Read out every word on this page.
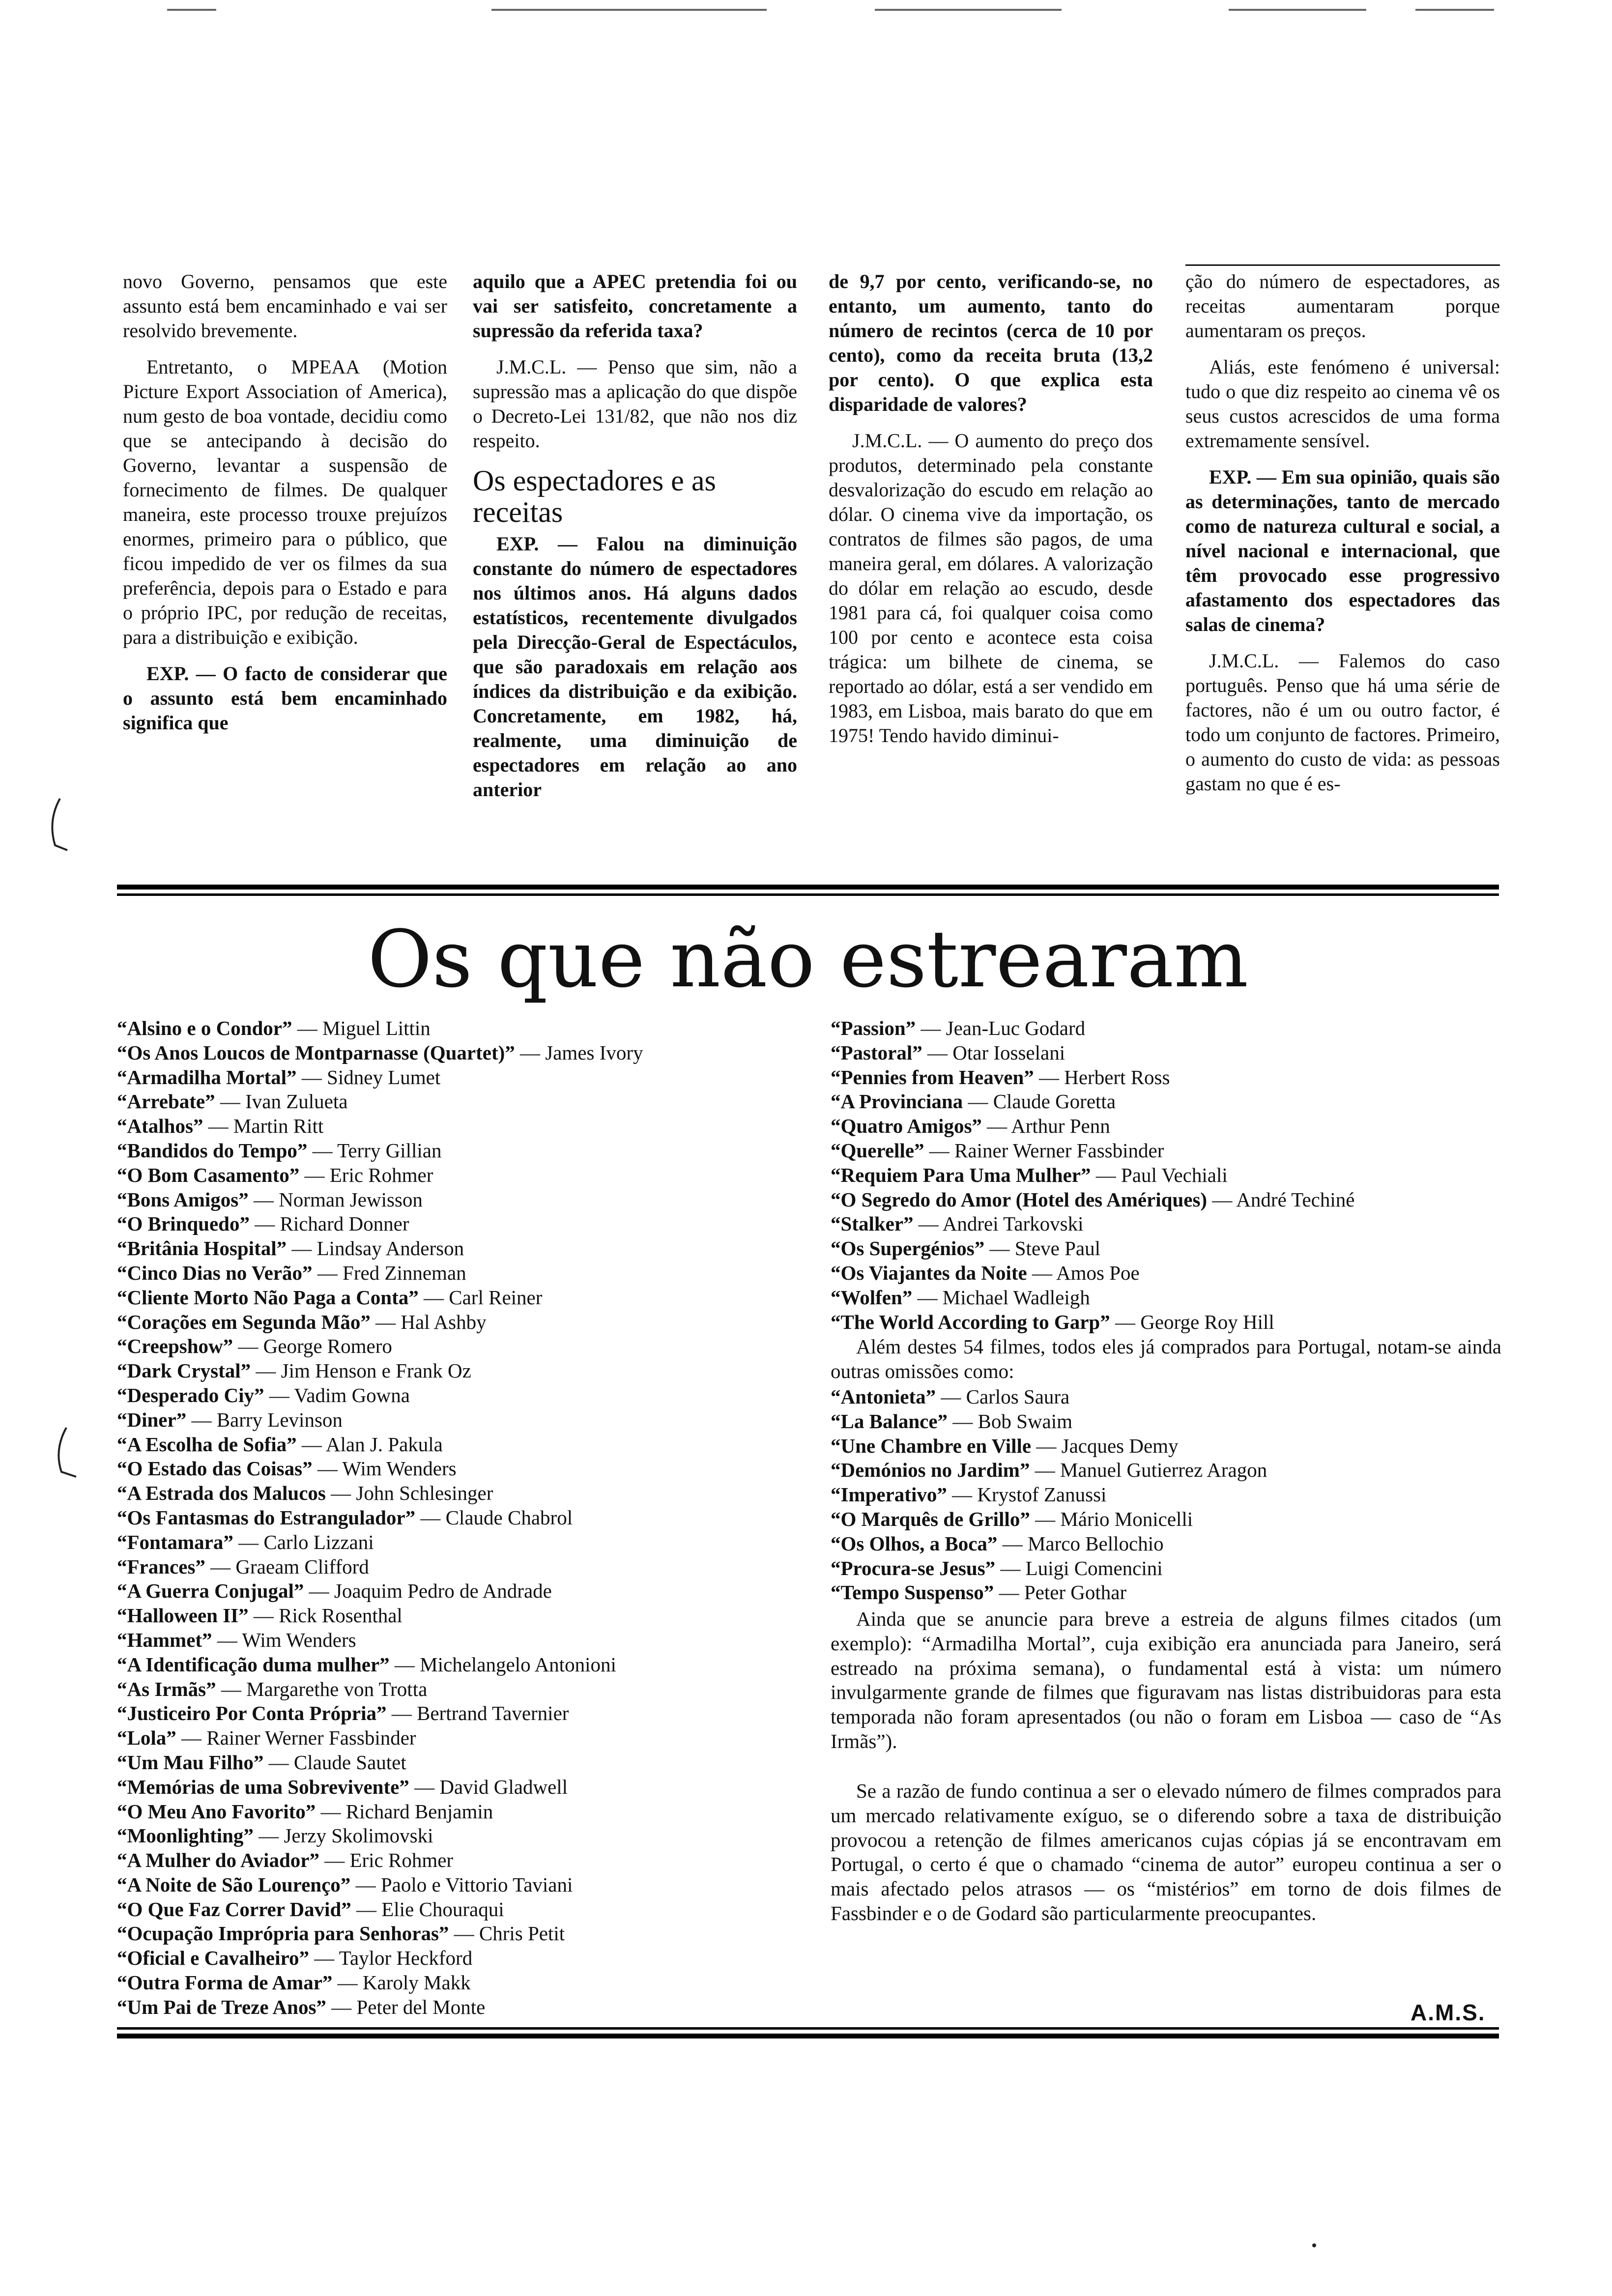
novo Governo, pensamos que este assunto está bem encaminhado e vai ser resolvido brevemente.

Entretanto, o MPEAA (Motion Picture Export Association of America), num gesto de boa vontade, decidiu como que se antecipando à decisão do Governo, levantar a suspensão de fornecimento de filmes. De qualquer maneira, este processo trouxe prejuízos enormes, primeiro para o público, que ficou impedido de ver os filmes da sua preferência, depois para o Estado e para o próprio IPC, por redução de receitas, para a distribuição e exibição.

EXP. — O facto de considerar que o assunto está bem encaminhado significa que

aquilo que a APEC pretendia foi ou vai ser satisfeito, concretamente a supressão da referida taxa?

J.M.C.L. — Penso que sim, não a supressão mas a aplicação do que dispõe o Decreto-Lei 131/82, que não nos diz respeito.

Os espectadores e as receitas

EXP. — Falou na diminuição constante do número de espectadores nos últimos anos. Há alguns dados estatísticos, recentemente divulgados pela Direcção-Geral de Espectáculos, que são paradoxais em relação aos índices da distribuição e da exibição. Concretamente, em 1982, há, realmente, uma diminuição de espectadores em relação ao ano anterior

de 9,7 por cento, verificando-se, no entanto, um aumento, tanto do número de recintos (cerca de 10 por cento), como da receita bruta (13,2 por cento). O que explica esta disparidade de valores?

J.M.C.L. — O aumento do preço dos produtos, determinado pela constante desvalorização do escudo em relação ao dólar. O cinema vive da importação, os contratos de filmes são pagos, de uma maneira geral, em dólares. A valorização do dólar em relação ao escudo, desde 1981 para cá, foi qualquer coisa como 100 por cento e acontece esta coisa trágica: um bilhete de cinema, se reportado ao dólar, está a ser vendido em 1983, em Lisboa, mais barato do que em 1975! Tendo havido diminui-

ção do número de espectadores, as receitas aumentaram porque aumentaram os preços.

Aliás, este fenómeno é universal: tudo o que diz respeito ao cinema vê os seus custos acrescidos de uma forma extremamente sensível.

EXP. — Em sua opinião, quais são as determinações, tanto de mercado como de natureza cultural e social, a nível nacional e internacional, que têm provocado esse progressivo afastamento dos espectadores das salas de cinema?

J.M.C.L. — Falemos do caso português. Penso que há uma série de factores, não é um ou outro factor, é todo um conjunto de factores. Primeiro, o aumento do custo de vida: as pessoas gastam no que é es-

Os que não estrearam
“Alsino e o Condor” — Miguel Littin
“Os Anos Loucos de Montparnasse (Quartet)” — James Ivory
“Armadilha Mortal” — Sidney Lumet
“Arrebate” — Ivan Zulueta
“Atalhos” — Martin Ritt
“Bandidos do Tempo” — Terry Gillian
“O Bom Casamento” — Eric Rohmer
“Bons Amigos” — Norman Jewisson
“O Brinquedo” — Richard Donner
“Britânia Hospital” — Lindsay Anderson
“Cinco Dias no Verão” — Fred Zinneman
“Cliente Morto Não Paga a Conta” — Carl Reiner
“Corações em Segunda Mão” — Hal Ashby
“Creepshow” — George Romero
“Dark Crystal” — Jim Henson e Frank Oz
“Desperado Ciy” — Vadim Gowna
“Diner” — Barry Levinson
“A Escolha de Sofia” — Alan J. Pakula
“O Estado das Coisas” — Wim Wenders
“A Estrada dos Malucos — John Schlesinger
“Os Fantasmas do Estrangulador” — Claude Chabrol
“Fontamara” — Carlo Lizzani
“Frances” — Graeam Clifford
“A Guerra Conjugal” — Joaquim Pedro de Andrade
“Halloween II” — Rick Rosenthal
“Hammet” — Wim Wenders
“A Identificação duma mulher” — Michelangelo Antonioni
“As Irmãs” — Margarethe von Trotta
“Justiceiro Por Conta Própria” — Bertrand Tavernier
“Lola” — Rainer Werner Fassbinder
“Um Mau Filho” — Claude Sautet
“Memórias de uma Sobrevivente” — David Gladwell
“O Meu Ano Favorito” — Richard Benjamin
“Moonlighting” — Jerzy Skolimovski
“A Mulher do Aviador” — Eric Rohmer
“A Noite de São Lourenço” — Paolo e Vittorio Taviani
“O Que Faz Correr David” — Elie Chouraqui
“Ocupação Imprópria para Senhoras” — Chris Petit
“Oficial e Cavalheiro” — Taylor Heckford
“Outra Forma de Amar” — Karoly Makk
“Um Pai de Treze Anos” — Peter del Monte
“Passion” — Jean-Luc Godard
“Pastoral” — Otar Iosselani
“Pennies from Heaven” — Herbert Ross
“A Provinciana — Claude Goretta
“Quatro Amigos” — Arthur Penn
“Querelle” — Rainer Werner Fassbinder
“Requiem Para Uma Mulher” — Paul Vechiali
“O Segredo do Amor (Hotel des Amériques) — André Techiné
“Stalker” — Andrei Tarkovski
“Os Supergénios” — Steve Paul
“Os Viajantes da Noite — Amos Poe
“Wolfen” — Michael Wadleigh
“The World According to Garp” — George Roy Hill

Além destes 54 filmes, todos eles já comprados para Portugal, notam-se ainda outras omissões como:

“Antonieta” — Carlos Saura
“La Balance” — Bob Swaim
“Une Chambre en Ville — Jacques Demy
“Demónios no Jardim” — Manuel Gutierrez Aragon
“Imperativo” — Krystof Zanussi
“O Marquês de Grillo” — Mário Monicelli
“Os Olhos, a Boca” — Marco Bellochio
“Procura-se Jesus” — Luigi Comencini
“Tempo Suspenso” — Peter Gothar

Ainda que se anuncie para breve a estreia de alguns filmes citados (um exemplo): “Armadilha Mortal”, cuja exibição era anunciada para Janeiro, será estreado na próxima semana), o fundamental está à vista: um número invulgarmente grande de filmes que figuravam nas listas distribuidoras para esta temporada não foram apresentados (ou não o foram em Lisboa — caso de “As Irmãs”).

Se a razão de fundo continua a ser o elevado número de filmes comprados para um mercado relativamente exíguo, se o diferendo sobre a taxa de distribuição provocou a retenção de filmes americanos cujas cópias já se encontravam em Portugal, o certo é que o chamado “cinema de autor” europeu continua a ser o mais afectado pelos atrasos — os “mistérios” em torno de dois filmes de Fassbinder e o de Godard são particularmente preocupantes.

A.M.S.
